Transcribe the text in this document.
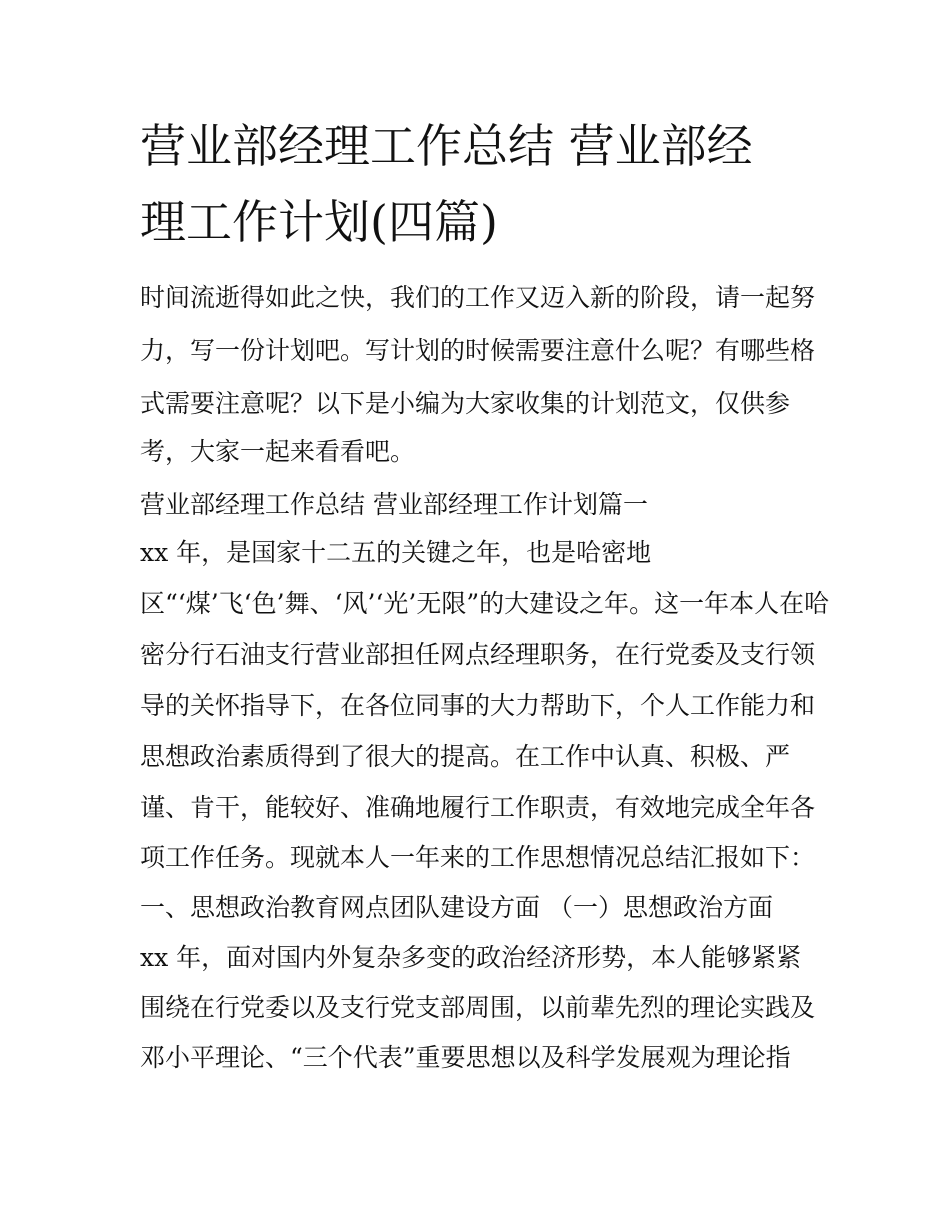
营业部经理工作总结 营业部经
理工作计划(四篇)
时间流逝得如此之快，我们的工作又迈入新的阶段，请一起努
力，写一份计划吧。写计划的时候需要注意什么呢？有哪些格
式需要注意呢？以下是小编为大家收集的计划范文，仅供参
考，大家一起来看看吧。
营业部经理工作总结 营业部经理工作计划篇一
xx 年，是国家十二五的关键之年，也是哈密地
区“‘煤’飞‘色’舞、‘风’‘光’无限”的大建设之年。这一年本人在哈
密分行石油支行营业部担任网点经理职务，在行党委及支行领
导的关怀指导下，在各位同事的大力帮助下，个人工作能力和
思想政治素质得到了很大的提高。在工作中认真、积极、严
谨、肯干，能较好、准确地履行工作职责，有效地完成全年各
项工作任务。现就本人一年来的工作思想情况总结汇报如下：
一、思想政治教育网点团队建设方面 （一）思想政治方面
xx 年，面对国内外复杂多变的政治经济形势，本人能够紧紧
围绕在行党委以及支行党支部周围，以前辈先烈的理论实践及
邓小平理论、“三个代表”重要思想以及科学发展观为理论指
